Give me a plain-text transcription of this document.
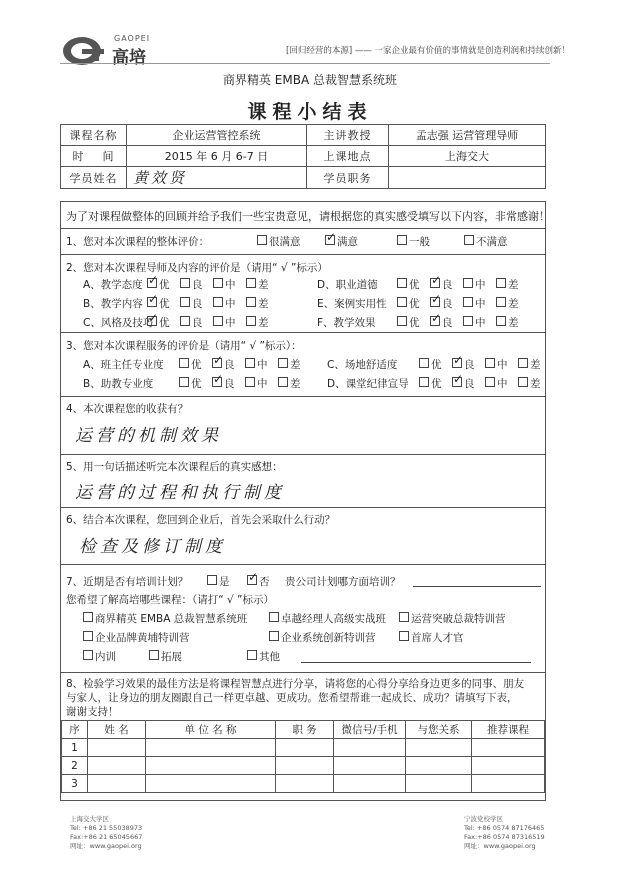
GAOPEI
高培	[回归经营的本源] —— 一家企业最有价值的事情就是创造利润和持续创新！
商界精英 EMBA 总裁智慧系统班
课程小结表
课程名称	企业运营管控系统	主讲教授	孟志强 运营管理导师
时    间	2015 年 6 月 6-7 日	上课地点	上海交大
学员姓名	黄效贤	学员职务	
为了对课程做整体的回顾并给予我们一些宝贵意见，请根据您的真实感受填写以下内容，非常感谢！
1、您对本次课程的整体评价：	很满意 ✓	满意	一般	不满意
2、您对本次课程导师及内容的评价是（请用“ √ ”标示）
A、教学态度 ✓	优	良	中	差
B、教学内容 ✓	优	良	中	差
C、风格及技巧 ✓ 优	良	中	差
D、职业道德	优 ✓	良	中	差
E、案例实用性	优 ✓	良	中	差
F、教学效果	优 ✓	良	中	差
3、您对本次课程服务的评价是（请用“ √ ”标示）：
A、班主任专业度	优 ✓	良	中	差
B、助教专业度	优 ✓	良	中	差
C、场地舒适度	优 ✓	良	中	差
D、课堂纪律宣导	优 ✓	良	中	差
4、本次课程您的收获有？
运营的机制效果
5、用一句话描述听完本次课程后的真实感想：
运营的过程和执行制度
6、结合本次课程，您回到企业后，首先会采取什么行动？
检查及修订制度
7、近期是否有培训计划？	是 ✓	否 贵公司计划哪方面培训？
您希望了解高培哪些课程：（请打“ √ ”标示）
商界精英 EMBA 总裁智慧系统班	卓越经理人高级实战班	运营突破总裁特训营
企业品牌黄埔特训营	企业系统创新特训营	首席人才官
内训	拓展	其他
8、检验学习效果的最佳方法是将课程智慧点进行分享，请将您的心得分享给身边更多的同事、朋友
与家人，让身边的朋友圈跟自己一样更卓越、更成功。您希望帮谁一起成长、成功？请填写下表，
谢谢支持！
序	姓 名	单 位 名 称	职 务	微信号/手机	与您关系	推荐课程
1						
2						
3						
上海交大学区
Tel: +86 21 55038973
Fax:+86 21 65045667
网址：www.gaopei.org
宁波党校学区
Tel: +86 0574 87176465
Fax:+86 0574 87316519
网址：www.gaopei.org
